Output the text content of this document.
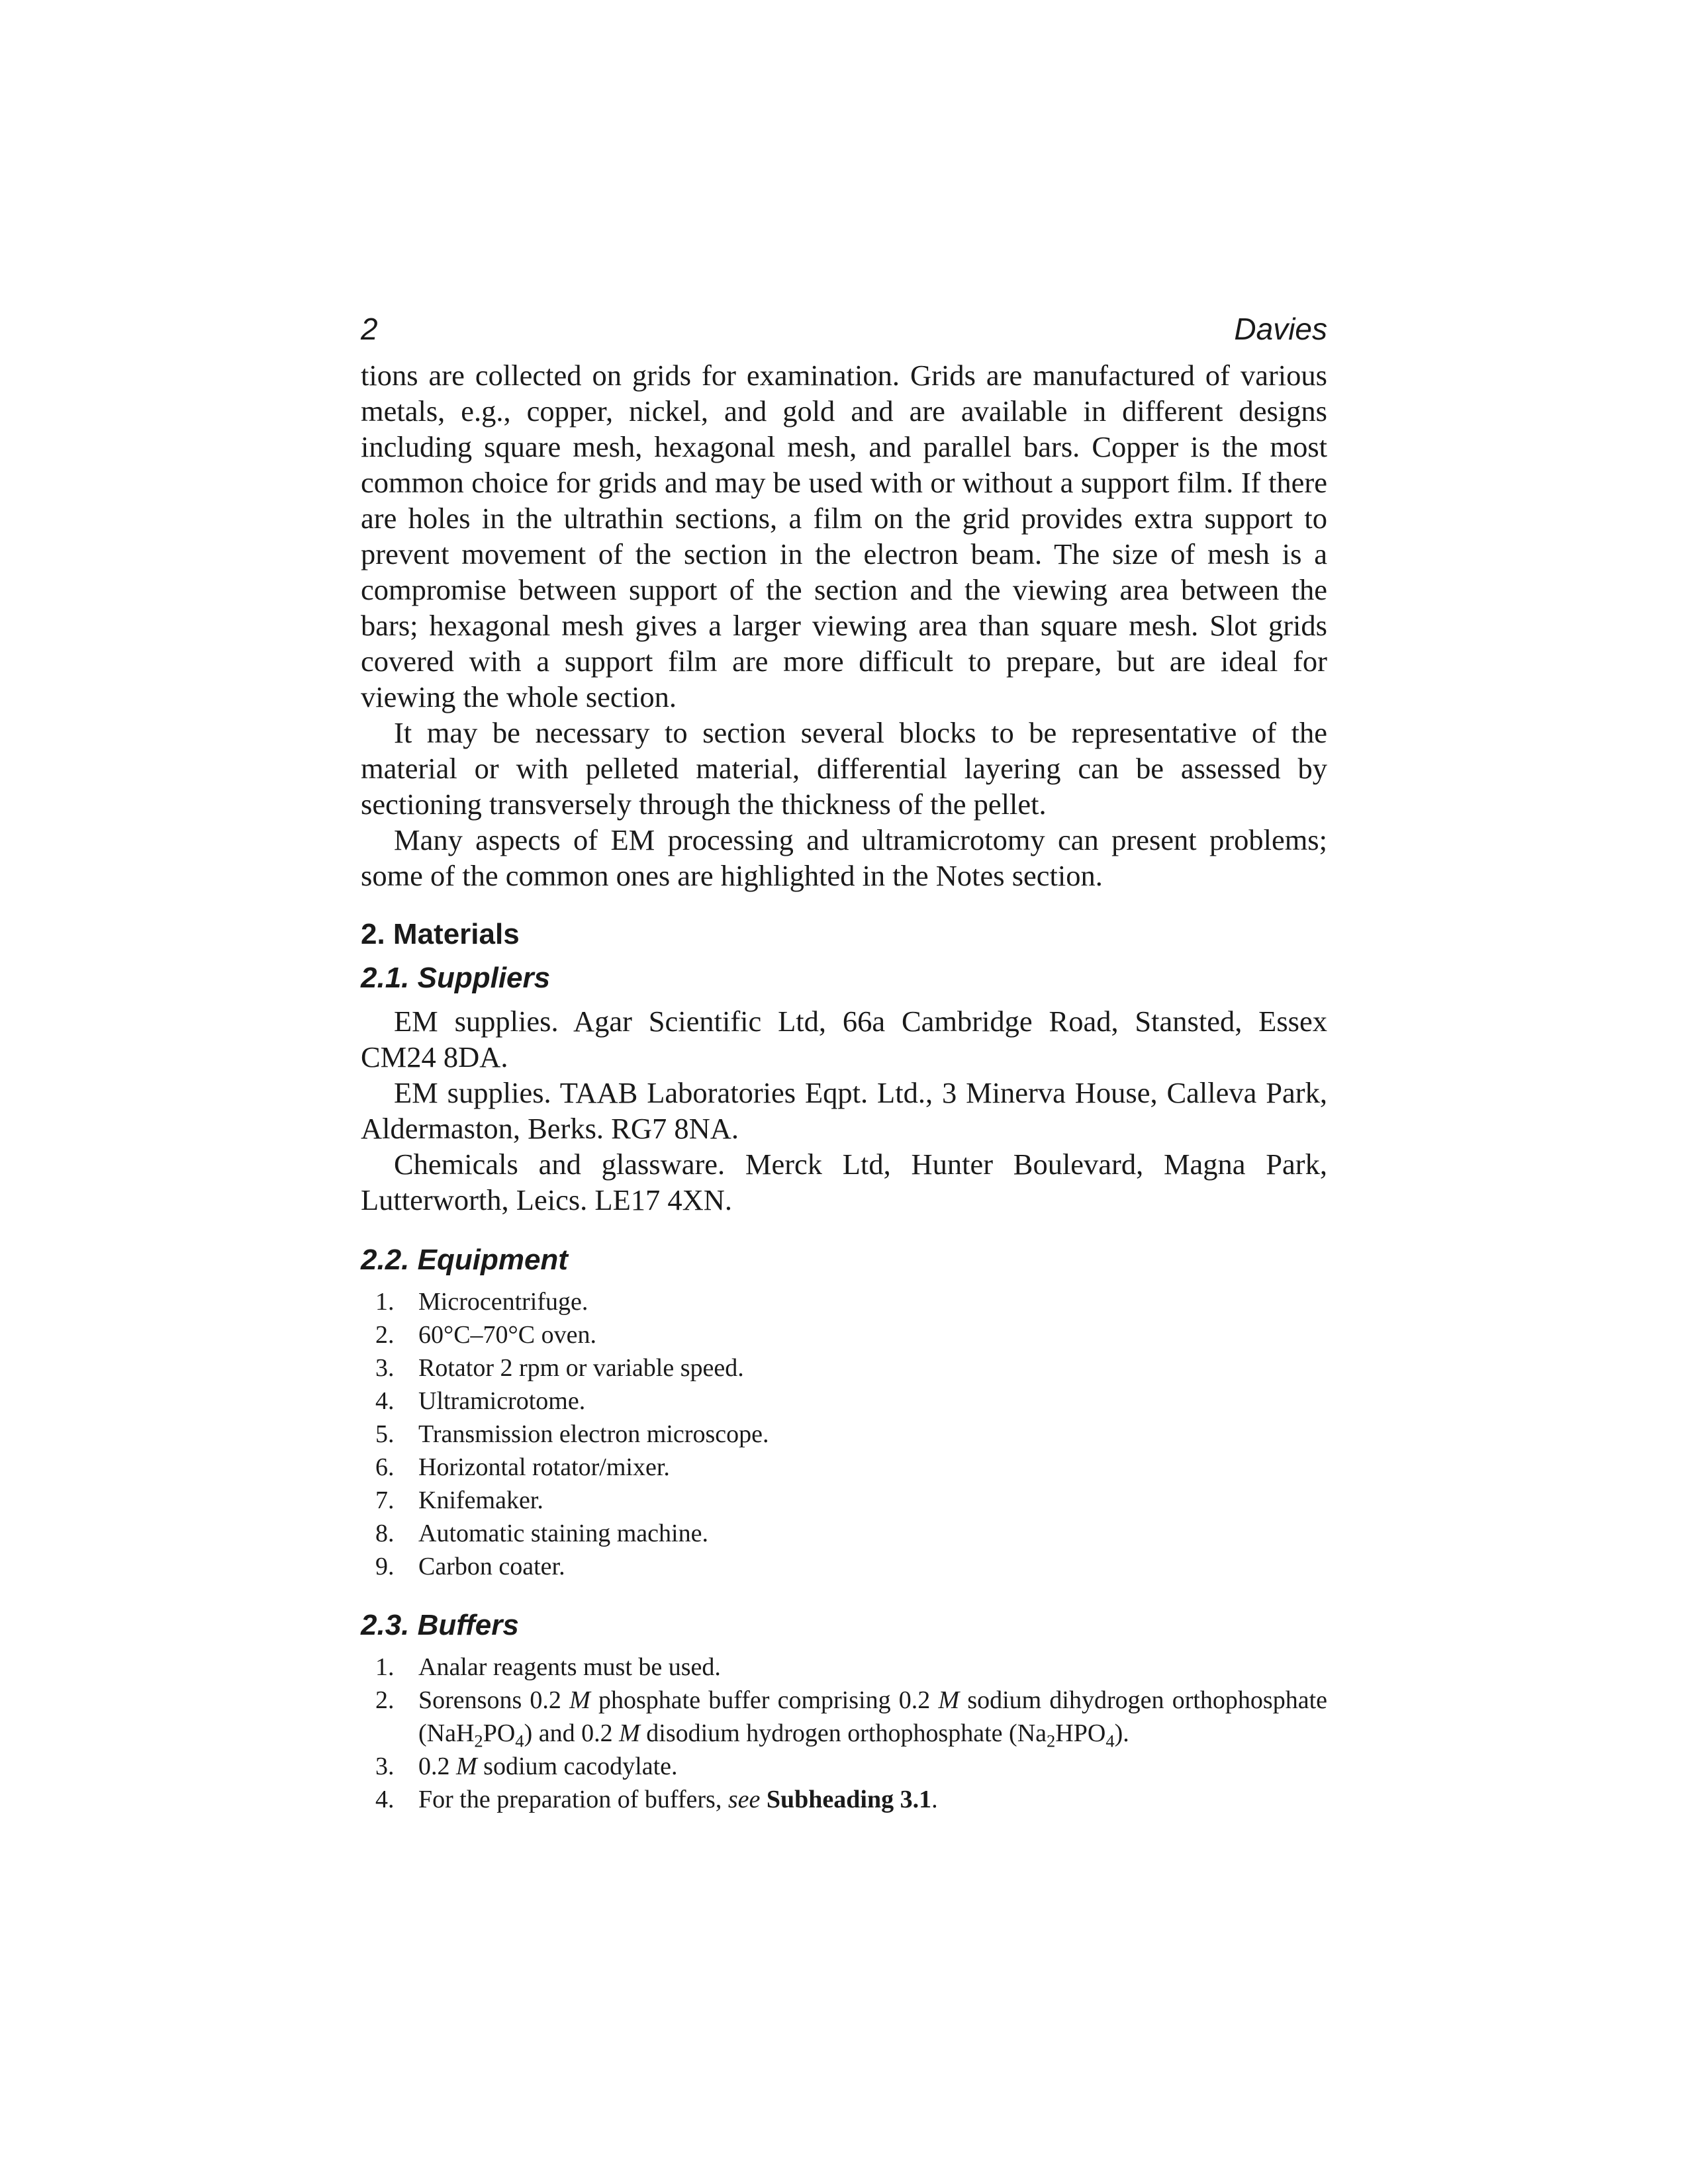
2	Davies

tions are collected on grids for examination. Grids are manufactured of various metals, e.g., copper, nickel, and gold and are available in different designs including square mesh, hexagonal mesh, and parallel bars. Copper is the most common choice for grids and may be used with or without a support film. If there are holes in the ultrathin sections, a film on the grid provides extra support to prevent movement of the section in the electron beam. The size of mesh is a compromise between support of the section and the viewing area between the bars; hexagonal mesh gives a larger viewing area than square mesh. Slot grids covered with a support film are more difficult to prepare, but are ideal for viewing the whole section.

It may be necessary to section several blocks to be representative of the material or with pelleted material, differential layering can be assessed by sectioning transversely through the thickness of the pellet.

Many aspects of EM processing and ultramicrotomy can present problems; some of the common ones are highlighted in the Notes section.

2. Materials
2.1. Suppliers

EM supplies. Agar Scientific Ltd, 66a Cambridge Road, Stansted, Essex CM24 8DA.

EM supplies. TAAB Laboratories Eqpt. Ltd., 3 Minerva House, Calleva Park, Aldermaston, Berks. RG7 8NA.

Chemicals and glassware. Merck Ltd, Hunter Boulevard, Magna Park, Lutterworth, Leics. LE17 4XN.

2.2. Equipment
1. Microcentrifuge.
2. 60°C–70°C oven.
3. Rotator 2 rpm or variable speed.
4. Ultramicrotome.
5. Transmission electron microscope.
6. Horizontal rotator/mixer.
7. Knifemaker.
8. Automatic staining machine.
9. Carbon coater.
2.3. Buffers
1. Analar reagents must be used.
2. Sorensons 0.2 M phosphate buffer comprising 0.2 M sodium dihydrogen orthophosphate $(NaH_2PO_4)$ and 0.2 M disodium hydrogen orthophosphate $(Na_2HPO_4)$.
3. 0.2 M sodium cacodylate.
4. For the preparation of buffers, see Subheading 3.1.
